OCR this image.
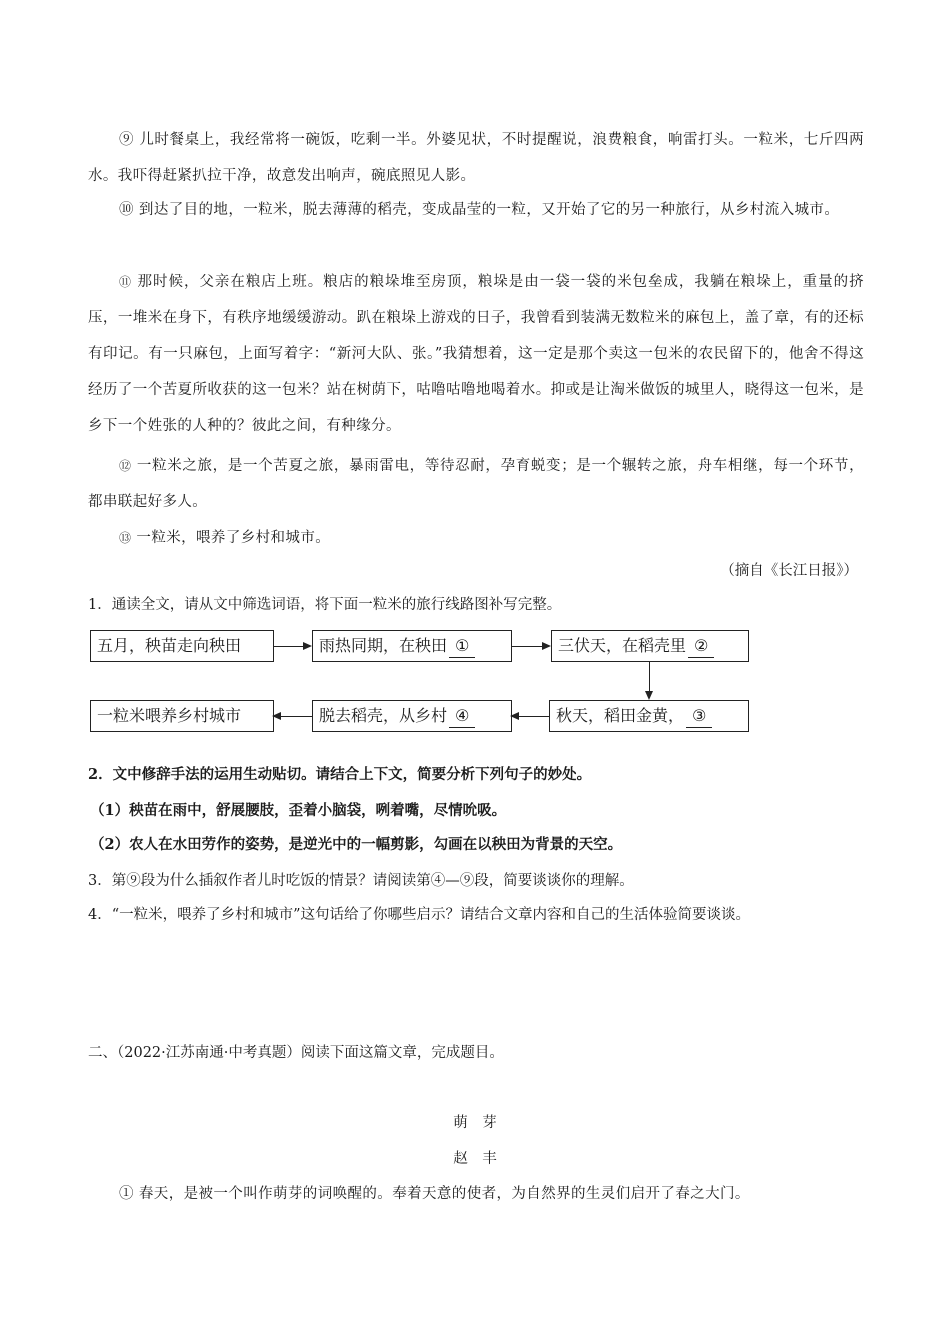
⑨ 儿时餐桌上，我经常将一碗饭，吃剩一半。外婆见状，不时提醒说，浪费粮食，响雷打头。一粒米，七斤四两水。我吓得赶紧扒拉干净，故意发出响声，碗底照见人影。

⑩ 到达了目的地，一粒米，脱去薄薄的稻壳，变成晶莹的一粒，又开始了它的另一种旅行，从乡村流入城市。

⑪ 那时候，父亲在粮店上班。粮店的粮垛堆至房顶，粮垛是由一袋一袋的米包垒成，我躺在粮垛上，重量的挤压，一堆米在身下，有秩序地缓缓游动。趴在粮垛上游戏的日子，我曾看到装满无数粒米的麻包上，盖了章，有的还标有印记。有一只麻包，上面写着字：“新河大队、张。”我猜想着，这一定是那个卖这一包米的农民留下的，他舍不得这经历了一个苦夏所收获的这一包米？站在树荫下，咕噜咕噜地喝着水。抑或是让淘米做饭的城里人，晓得这一包米，是乡下一个姓张的人种的？彼此之间，有种缘分。

⑫ 一粒米之旅，是一个苦夏之旅，暴雨雷电，等待忍耐，孕育蜕变；是一个辗转之旅，舟车相继，每一个环节，都串联起好多人。

⑬ 一粒米，喂养了乡村和城市。

（摘自《长江日报》）
1．通读全文，请从文中筛选词语，将下面一粒米的旅行线路图补写完整。
五月，秧苗走向秧田	雨热同期，在秧田 ①	三伏天，在稻壳里 ②
秋天，稻田金黄， ③
脱去稻壳，从乡村 ④
一粒米喂养乡村城市
2．文中修辞手法的运用生动贴切。请结合上下文，简要分析下列句子的妙处。
（1）秧苗在雨中，舒展腰肢，歪着小脑袋，咧着嘴，尽情吮吸。
（2）农人在水田劳作的姿势，是逆光中的一幅剪影，勾画在以秧田为背景的天空。
3．第⑨段为什么插叙作者儿时吃饭的情景？请阅读第④—⑨段，简要谈谈你的理解。
4．“一粒米，喂养了乡村和城市”这句话给了你哪些启示？请结合文章内容和自己的生活体验简要谈谈。
二、（2022·江苏南通·中考真题）阅读下面这篇文章，完成题目。
萌　芽
赵　丰

① 春天，是被一个叫作萌芽的词唤醒的。奉着天意的使者，为自然界的生灵们启开了春之大门。
